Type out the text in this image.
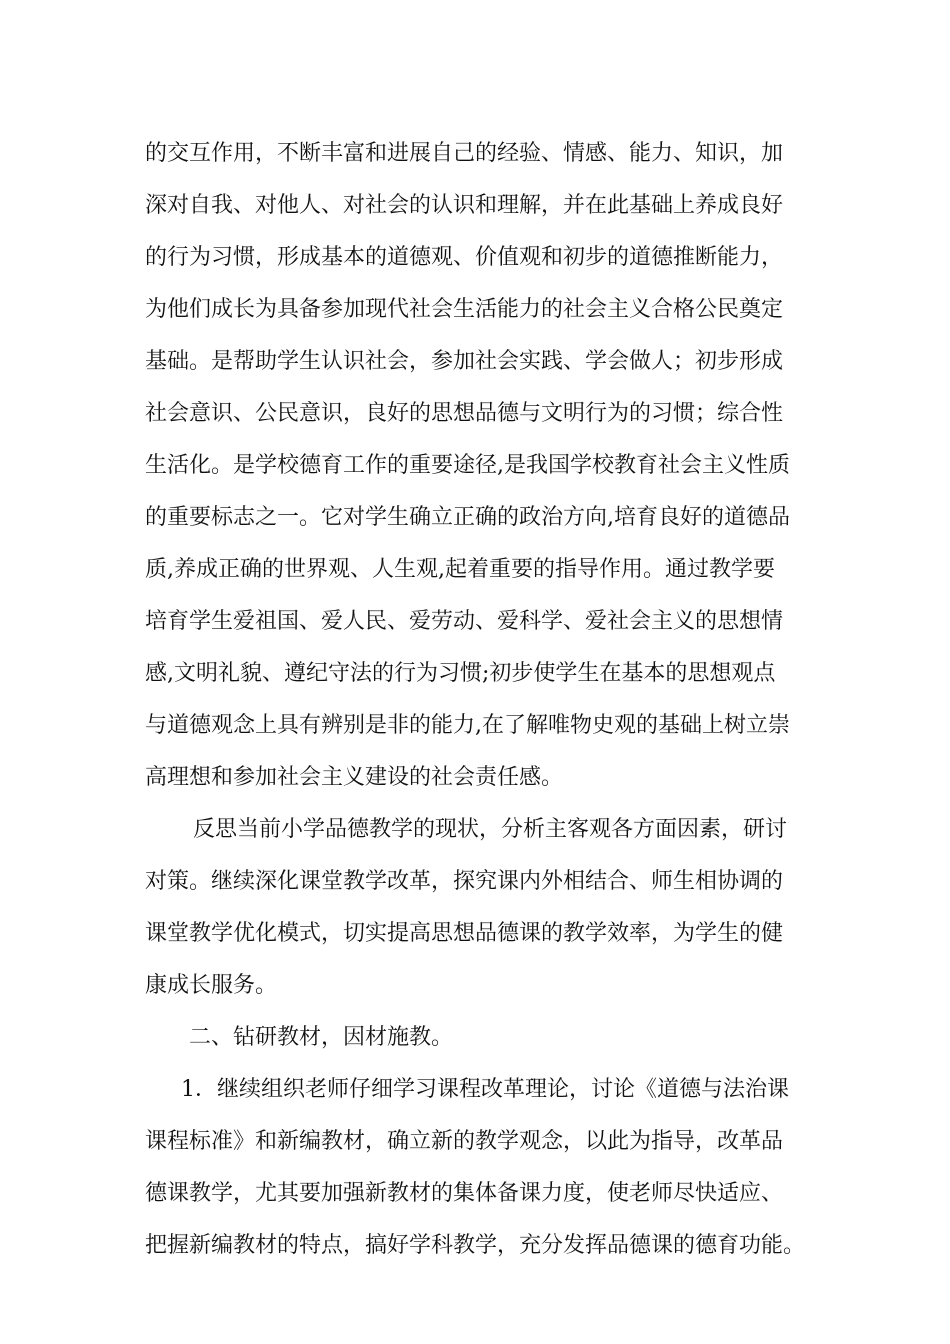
的交互作用，不断丰富和进展自己的经验、情感、能力、知识，加
深对自我、对他人、对社会的认识和理解，并在此基础上养成良好
的行为习惯，形成基本的道德观、价值观和初步的道德推断能力，
为他们成长为具备参加现代社会生活能力的社会主义合格公民奠定
基础。是帮助学生认识社会，参加社会实践、学会做人；初步形成
社会意识、公民意识，良好的思想品德与文明行为的习惯；综合性
生活化。是学校德育工作的重要途径,是我国学校教育社会主义性质
的重要标志之一。它对学生确立正确的政治方向,培育良好的道德品
质,养成正确的世界观、人生观,起着重要的指导作用。通过教学要
培育学生爱祖国、爱人民、爱劳动、爱科学、爱社会主义的思想情
感,文明礼貌、遵纪守法的行为习惯;初步使学生在基本的思想观点
与道德观念上具有辨别是非的能力,在了解唯物史观的基础上树立崇
高理想和参加社会主义建设的社会责任感。
反思当前小学品德教学的现状，分析主客观各方面因素，研讨
对策。继续深化课堂教学改革，探究课内外相结合、师生相协调的
课堂教学优化模式，切实提高思想品德课的教学效率，为学生的健
康成长服务。
二、钻研教材，因材施教。
1．继续组织老师仔细学习课程改革理论，讨论《道德与法治课
课程标准》和新编教材，确立新的教学观念，以此为指导，改革品
德课教学，尤其要加强新教材的集体备课力度，使老师尽快适应、
把握新编教材的特点，搞好学科教学，充分发挥品德课的德育功能。
